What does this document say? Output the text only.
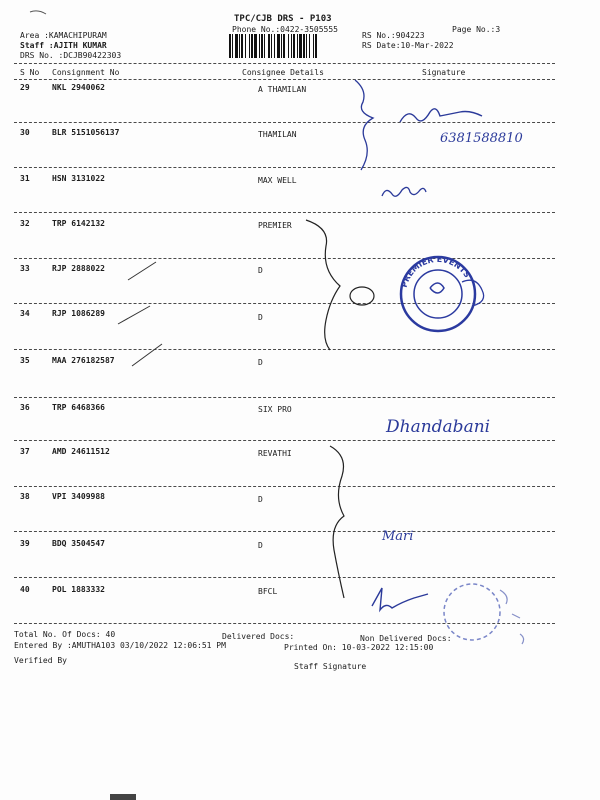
TPC/CJB DRS - P103
Phone No.:0422-3505555	Page No.:3
Area :KAMACHIPURAM
Staff :AJITH KUMAR
DRS No. :DCJB90422303
RS No.:904223
RS Date:10-Mar-2022
S No Consignment No	Consignee Details	Signature
29	NKL 2940062	A THAMILAN
30	BLR 5151056137	THAMILAN
31	HSN 3131022	MAX WELL
32	TRP 6142132	PREMIER
33	RJP 2888022	D
34	RJP 1086289	D
35	MAA 276182587	D
36	TRP 6468366	SIX PRO
37	AMD 24611512	REVATHI
38	VPI 3409988	D
39	BDQ 3504547	D
40	POL 1883332	BFCL
Total No. Of Docs: 40	Delivered Docs:	Non Delivered Docs:
Entered By :AMUTHA103 03/10/2022 12:06:51 PM	Printed On: 10-03-2022 12:15:00
Verified By
Staff Signature
6381588810
PREMIER EVENTS
Dhandabani
Mari
